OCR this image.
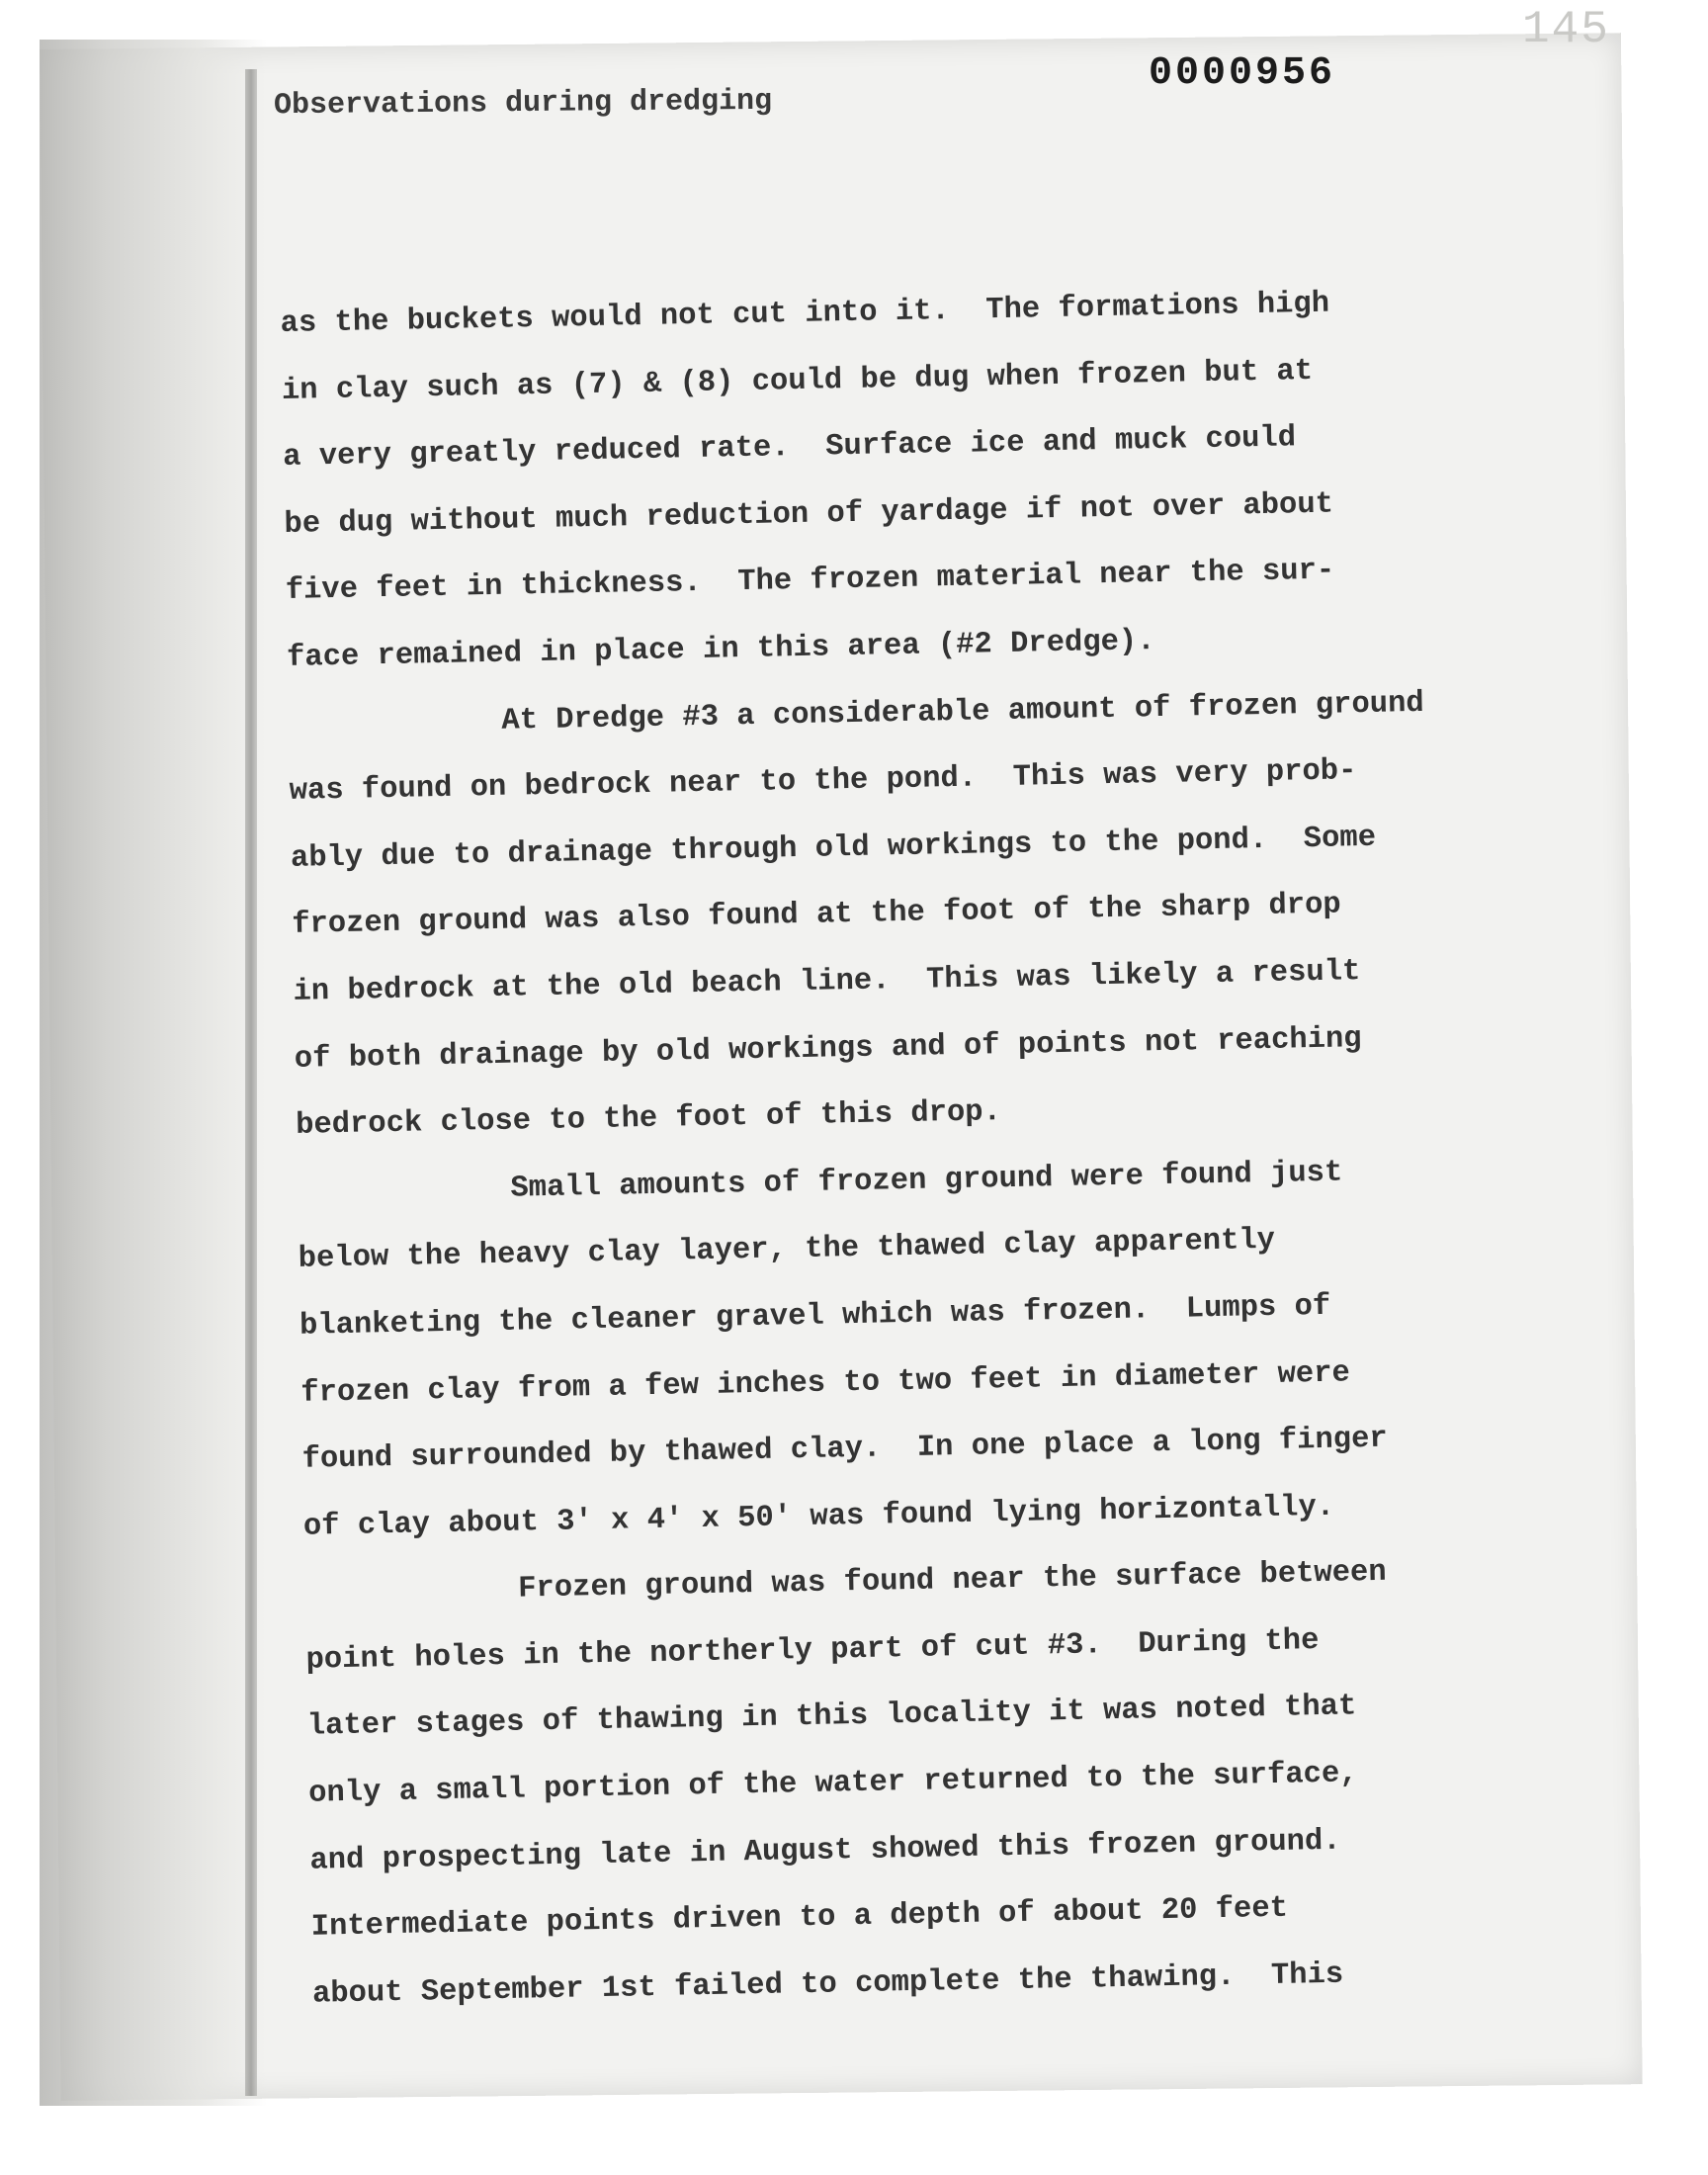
145
0000956
Observations during dredging
as the buckets would not cut into it.  The formations high
in clay such as (7) & (8) could be dug when frozen but at
a very greatly reduced rate.  Surface ice and muck could
be dug without much reduction of yardage if not over about
five feet in thickness.  The frozen material near the sur-
face remained in place in this area (#2 Dredge).
At Dredge #3 a considerable amount of frozen ground
was found on bedrock near to the pond.  This was very prob-
ably due to drainage through old workings to the pond.  Some
frozen ground was also found at the foot of the sharp drop
in bedrock at the old beach line.  This was likely a result
of both drainage by old workings and of points not reaching
bedrock close to the foot of this drop.
Small amounts of frozen ground were found just
below the heavy clay layer, the thawed clay apparently
blanketing the cleaner gravel which was frozen.  Lumps of
frozen clay from a few inches to two feet in diameter were
found surrounded by thawed clay.  In one place a long finger
of clay about 3' x 4' x 50' was found lying horizontally.
Frozen ground was found near the surface between
point holes in the northerly part of cut #3.  During the
later stages of thawing in this locality it was noted that
only a small portion of the water returned to the surface,
and prospecting late in August showed this frozen ground.
Intermediate points driven to a depth of about 20 feet
about September 1st failed to complete the thawing.  This
